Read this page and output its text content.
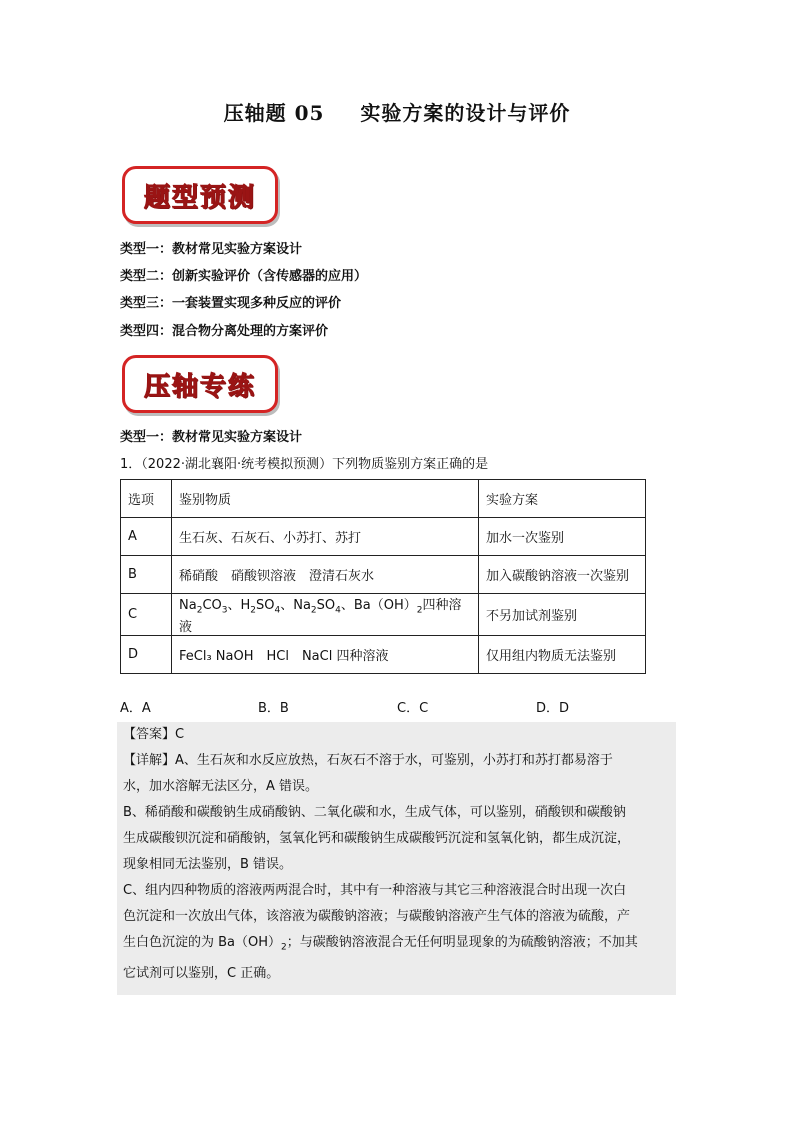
压轴题 05 实验方案的设计与评价
题型预测
类型一：教材常见实验方案设计
类型二：创新实验评价（含传感器的应用）
类型三：一套装置实现多种反应的评价
类型四：混合物分离处理的方案评价
压轴专练
类型一：教材常见实验方案设计
1．（2022·湖北襄阳·统考模拟预测）下列物质鉴别方案正确的是
选项	鉴别物质	实验方案
A	生石灰、石灰石、小苏打、苏打	加水一次鉴别
B	稀硝酸　硝酸钡溶液　澄清石灰水	加入碳酸钠溶液一次鉴别
C	$Na_2CO_3$、$H_2SO_4$、$Na_2SO_4$、$Ba(OH)_2$四种溶液	不另加试剂鉴别
D	FeCl₃ NaOH　HCl　NaCl 四种溶液	仅用组内物质无法鉴别
A．A	B．B	C．C	D．D

【答案】C

【详解】A、生石灰和水反应放热，石灰石不溶于水，可鉴别，小苏打和苏打都易溶于

水，加水溶解无法区分，A 错误。

B、稀硝酸和碳酸钠生成硝酸钠、二氧化碳和水，生成气体，可以鉴别，硝酸钡和碳酸钠

生成碳酸钡沉淀和硝酸钠，氢氧化钙和碳酸钠生成碳酸钙沉淀和氢氧化钠，都生成沉淀，

现象相同无法鉴别，B 错误。

C、组内四种物质的溶液两两混合时，其中有一种溶液与其它三种溶液混合时出现一次白

色沉淀和一次放出气体，该溶液为碳酸钠溶液；与碳酸钠溶液产生气体的溶液为硫酸，产

生白色沉淀的为 $Ba(OH)_2$；与碳酸钠溶液混合无任何明显现象的为硫酸钠溶液；不加其

它试剂可以鉴别，C 正确。
